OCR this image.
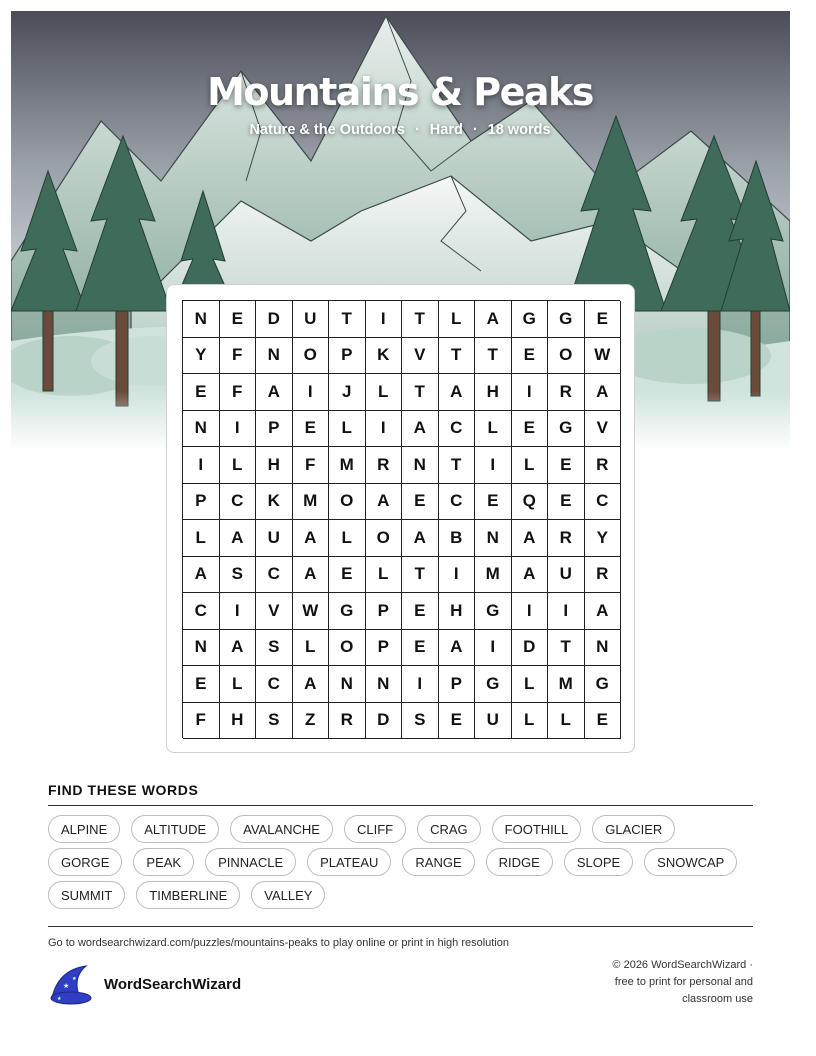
Mountains & Peaks
Nature & the Outdoors · Hard · 18 words
N	E	D	U	T	I	T	L	A	G	G	E
Y	F	N	O	P	K	V	T	T	E	O	W
E	F	A	I	J	L	T	A	H	I	R	A
N	I	P	E	L	I	A	C	L	E	G	V
I	L	H	F	M	R	N	T	I	L	E	R
P	C	K	M	O	A	E	C	E	Q	E	C
L	A	U	A	L	O	A	B	N	A	R	Y
A	S	C	A	E	L	T	I	M	A	U	R
C	I	V	W	G	P	E	H	G	I	I	A
N	A	S	L	O	P	E	A	I	D	T	N
E	L	C	A	N	N	I	P	G	L	M	G
F	H	S	Z	R	D	S	E	U	L	L	E
FIND THESE WORDS
ALPINE	ALTITUDE	AVALANCHE	CLIFF	CRAG	FOOTHILL	GLACIER
GORGE	PEAK	PINNACLE	PLATEAU	RANGE	RIDGE	SLOPE	SNOWCAP
SUMMIT	TIMBERLINE	VALLEY
Go to wordsearchwizard.com/puzzles/mountains-peaks to play online or print in high resolution
★
★
★
WordSearchWizard
© 2026 WordSearchWizard ·
free to print for personal and
classroom use
